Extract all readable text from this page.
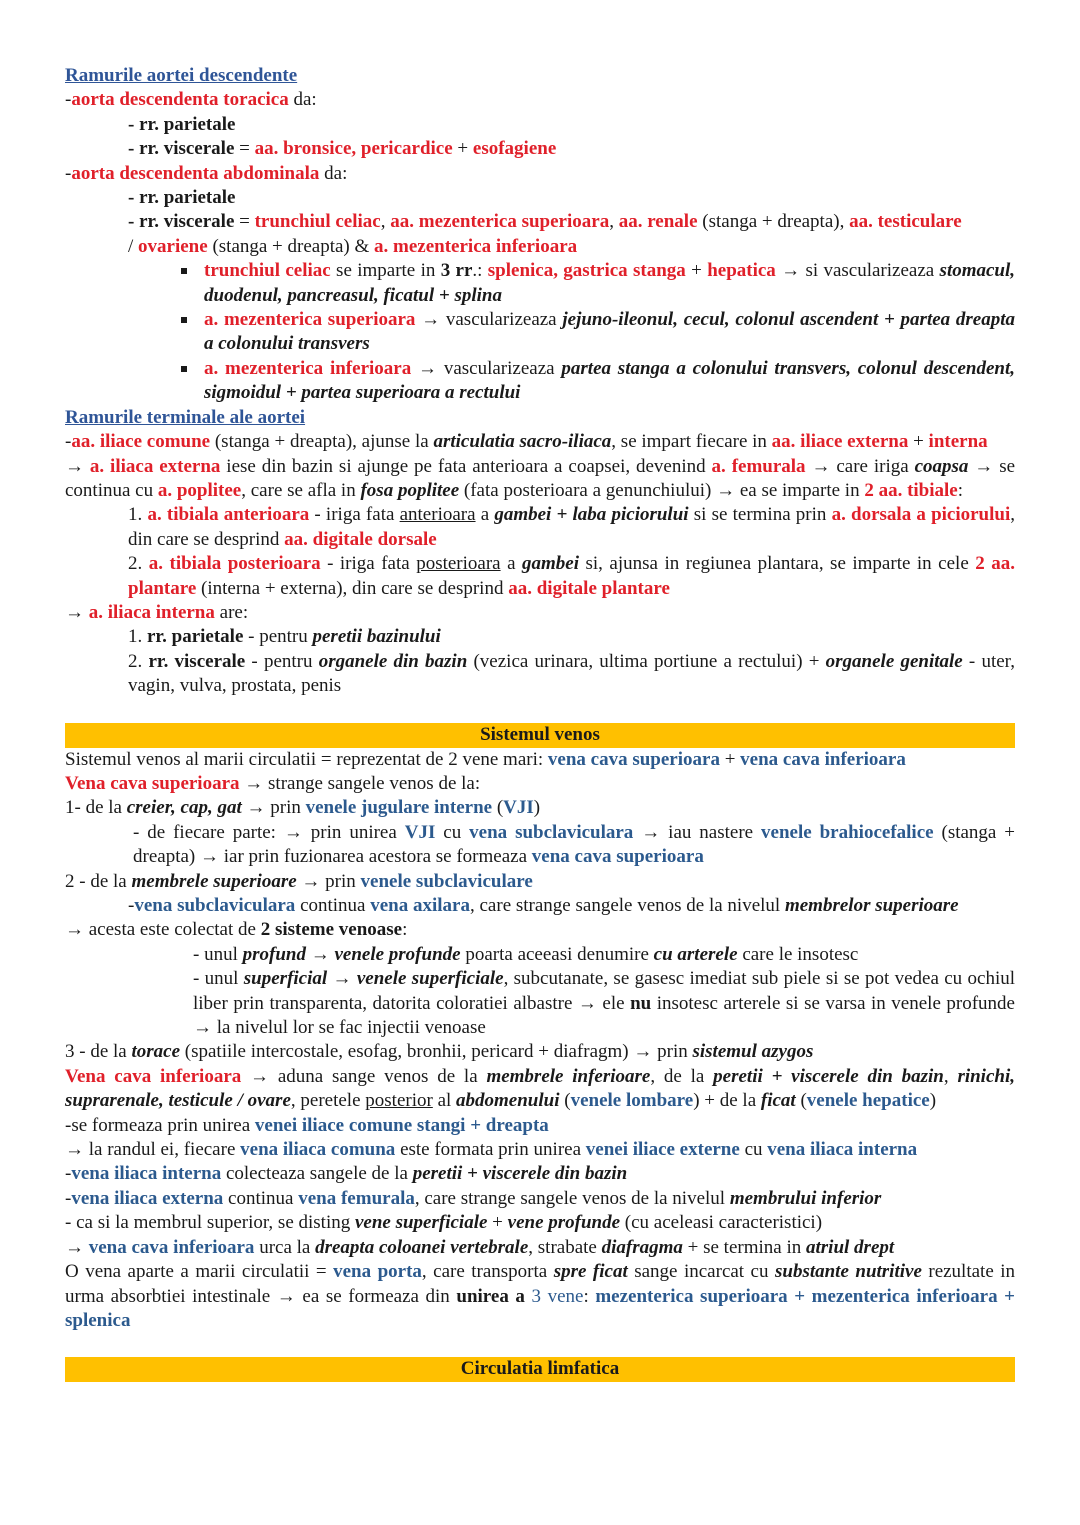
Ramurile aortei descendente
-aorta descendenta toracica da:
- rr. parietale
- rr. viscerale = aa. bronsice, pericardice + esofagiene
-aorta descendenta abdominala da:
- rr. parietale
- rr. viscerale = trunchiul celiac, aa. mezenterica superioara, aa. renale (stanga + dreapta), aa. testiculare
/ ovariene (stanga + dreapta) & a. mezenterica inferioara
trunchiul celiac se imparte in 3 rr.: splenica, gastrica stanga + hepatica → si vascularizeaza stomacul, duodenul, pancreasul, ficatul + splina
a. mezenterica superioara → vascularizeaza jejuno-ileonul, cecul, colonul ascendent + partea dreapta a colonului transvers
a. mezenterica inferioara → vascularizeaza partea stanga a colonului transvers, colonul descendent, sigmoidul + partea superioara a rectului
Ramurile terminale ale aortei
-aa. iliace comune (stanga + dreapta), ajunse la articulatia sacro-iliaca, se impart fiecare in aa. iliace externa + interna
→ a. iliaca externa iese din bazin si ajunge pe fata anterioara a coapsei, devenind a. femurala → care iriga coapsa → se continua cu a. poplitee, care se afla in fosa poplitee (fata posterioara a genunchiului) → ea se imparte in 2 aa. tibiale:
1. a. tibiala anterioara - iriga fata anterioara a gambei + laba piciorului si se termina prin a. dorsala a piciorului, din care se desprind aa. digitale dorsale
2. a. tibiala posterioara - iriga fata posterioara a gambei si, ajunsa in regiunea plantara, se imparte in cele 2 aa. plantare (interna + externa), din care se desprind aa. digitale plantare
→ a. iliaca interna are:
1. rr. parietale - pentru peretii bazinului
2. rr. viscerale - pentru organele din bazin (vezica urinara, ultima portiune a rectului) + organele genitale - uter, vagin, vulva, prostata, penis
Sistemul venos
Sistemul venos al marii circulatii = reprezentat de 2 vene mari: vena cava superioara + vena cava inferioara
Vena cava superioara → strange sangele venos de la:
1- de la creier, cap, gat → prin venele jugulare interne (VJI)
- de fiecare parte: → prin unirea VJI cu vena subclaviculara → iau nastere venele brahiocefalice (stanga + dreapta) → iar prin fuzionarea acestora se formeaza vena cava superioara
2 - de la membrele superioare → prin venele subclaviculare
-vena subclaviculara continua vena axilara, care strange sangele venos de la nivelul membrelor superioare
→ acesta este colectat de 2 sisteme venoase:
- unul profund → venele profunde poarta aceeasi denumire cu arterele care le insotesc
- unul superficial → venele superficiale, subcutanate, se gasesc imediat sub piele si se pot vedea cu ochiul liber prin transparenta, datorita coloratiei albastre → ele nu insotesc arterele si se varsa in venele profunde → la nivelul lor se fac injectii venoase
3 - de la torace (spatiile intercostale, esofag, bronhii, pericard + diafragm) → prin sistemul azygos
Vena cava inferioara → aduna sange venos de la membrele inferioare, de la peretii + viscerele din bazin, rinichi, suprarenale, testicule / ovare, peretele posterior al abdomenului (venele lombare) + de la ficat (venele hepatice)
-se formeaza prin unirea venei iliace comune stangi + dreapta
→ la randul ei, fiecare vena iliaca comuna este formata prin unirea venei iliace externe cu vena iliaca interna
-vena iliaca interna colecteaza sangele de la peretii + viscerele din bazin
-vena iliaca externa continua vena femurala, care strange sangele venos de la nivelul membrului inferior
- ca si la membrul superior, se disting vene superficiale + vene profunde (cu aceleasi caracteristici)
→ vena cava inferioara urca la dreapta coloanei vertebrale, strabate diafragma + se termina in atriul drept
O vena aparte a marii circulatii = vena porta, care transporta spre ficat sange incarcat cu substante nutritive rezultate in urma absorbtiei intestinale → ea se formeaza din unirea a 3 vene: mezenterica superioara + mezenterica inferioara + splenica
Circulatia limfatica
